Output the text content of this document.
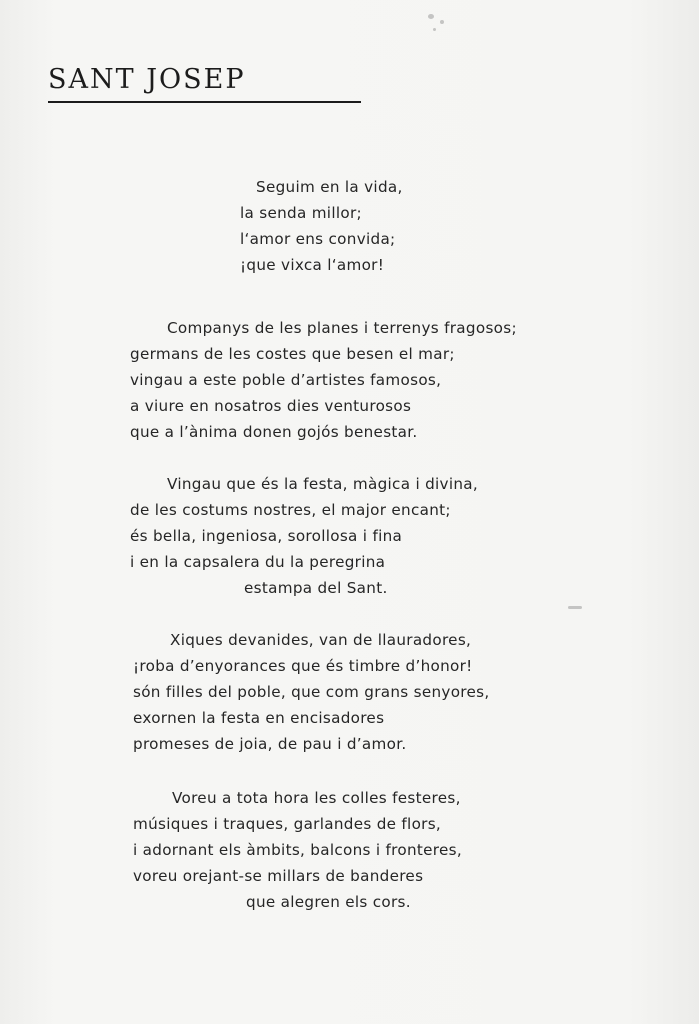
SANT JOSEP
Seguim en la vida,
la senda millor;
l‘amor ens convida;
¡que vixca l‘amor!
Companys de les planes i terrenys fragosos;
germans de les costes que besen el mar;
vingau a este poble d’artistes famosos,
a viure en nosatros dies venturosos
que a l’ànima donen gojós benestar.
Vingau que és la festa, màgica i divina,
de les costums nostres, el major encant;
és bella, ingeniosa, sorollosa i fina
i en la capsalera du la peregrina
estampa del Sant.
Xiques devanides, van de llauradores,
¡roba d’enyorances que és timbre d’honor!
són filles del poble, que com grans senyores,
exornen la festa en encisadores
promeses de joia, de pau i d’amor.
Voreu a tota hora les colles festeres,
músiques i traques, garlandes de flors,
i adornant els àmbits, balcons i fronteres,
voreu orejant-se millars de banderes
que alegren els cors.
